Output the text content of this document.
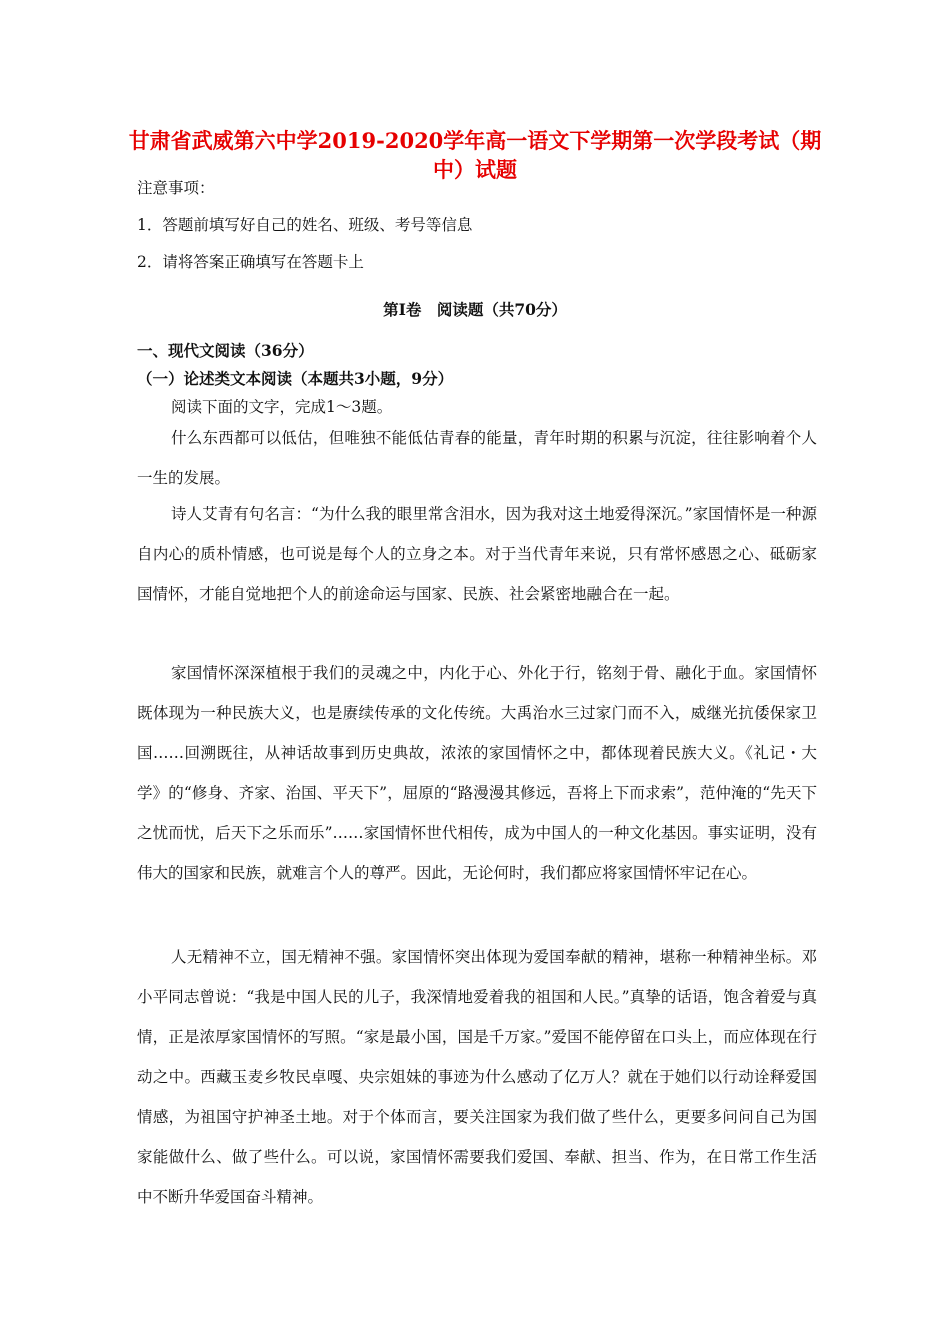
甘肃省武威第六中学2019-2020学年高一语文下学期第一次学段考试（期中）试题
注意事项：
1．答题前填写好自己的姓名、班级、考号等信息
2．请将答案正确填写在答题卡上
第Ⅰ卷　阅读题（共70分）
一、现代文阅读（36分）
（一）论述类文本阅读（本题共3小题，9分）
阅读下面的文字，完成1～3题。
什么东西都可以低估，但唯独不能低估青春的能量，青年时期的积累与沉淀，往往影响着个人一生的发展。
诗人艾青有句名言：“为什么我的眼里常含泪水，因为我对这土地爱得深沉。”家国情怀是一种源自内心的质朴情感，也可说是每个人的立身之本。对于当代青年来说，只有常怀感恩之心、砥砺家国情怀，才能自觉地把个人的前途命运与国家、民族、社会紧密地融合在一起。
家国情怀深深植根于我们的灵魂之中，内化于心、外化于行，铭刻于骨、融化于血。家国情怀既体现为一种民族大义，也是赓续传承的文化传统。大禹治水三过家门而不入，威继光抗倭保家卫国……回溯既往，从神话故事到历史典故，浓浓的家国情怀之中，都体现着民族大义。《礼记・大学》的“修身、齐家、治国、平天下”，屈原的“路漫漫其修远，吾将上下而求索”，范仲淹的“先天下之忧而忧，后天下之乐而乐”……家国情怀世代相传，成为中国人的一种文化基因。事实证明，没有伟大的国家和民族，就难言个人的尊严。因此，无论何时，我们都应将家国情怀牢记在心。
人无精神不立，国无精神不强。家国情怀突出体现为爱国奉献的精神，堪称一种精神坐标。邓小平同志曾说：“我是中国人民的儿子，我深情地爱着我的祖国和人民。”真挚的话语，饱含着爱与真情，正是浓厚家国情怀的写照。“家是最小国，国是千万家。”爱国不能停留在口头上，而应体现在行动之中。西藏玉麦乡牧民卓嘎、央宗姐妹的事迹为什么感动了亿万人？就在于她们以行动诠释爱国情感，为祖国守护神圣土地。对于个体而言，要关注国家为我们做了些什么，更要多问问自己为国家能做什么、做了些什么。可以说，家国情怀需要我们爱国、奉献、担当、作为，在日常工作生活中不断升华爱国奋斗精神。
